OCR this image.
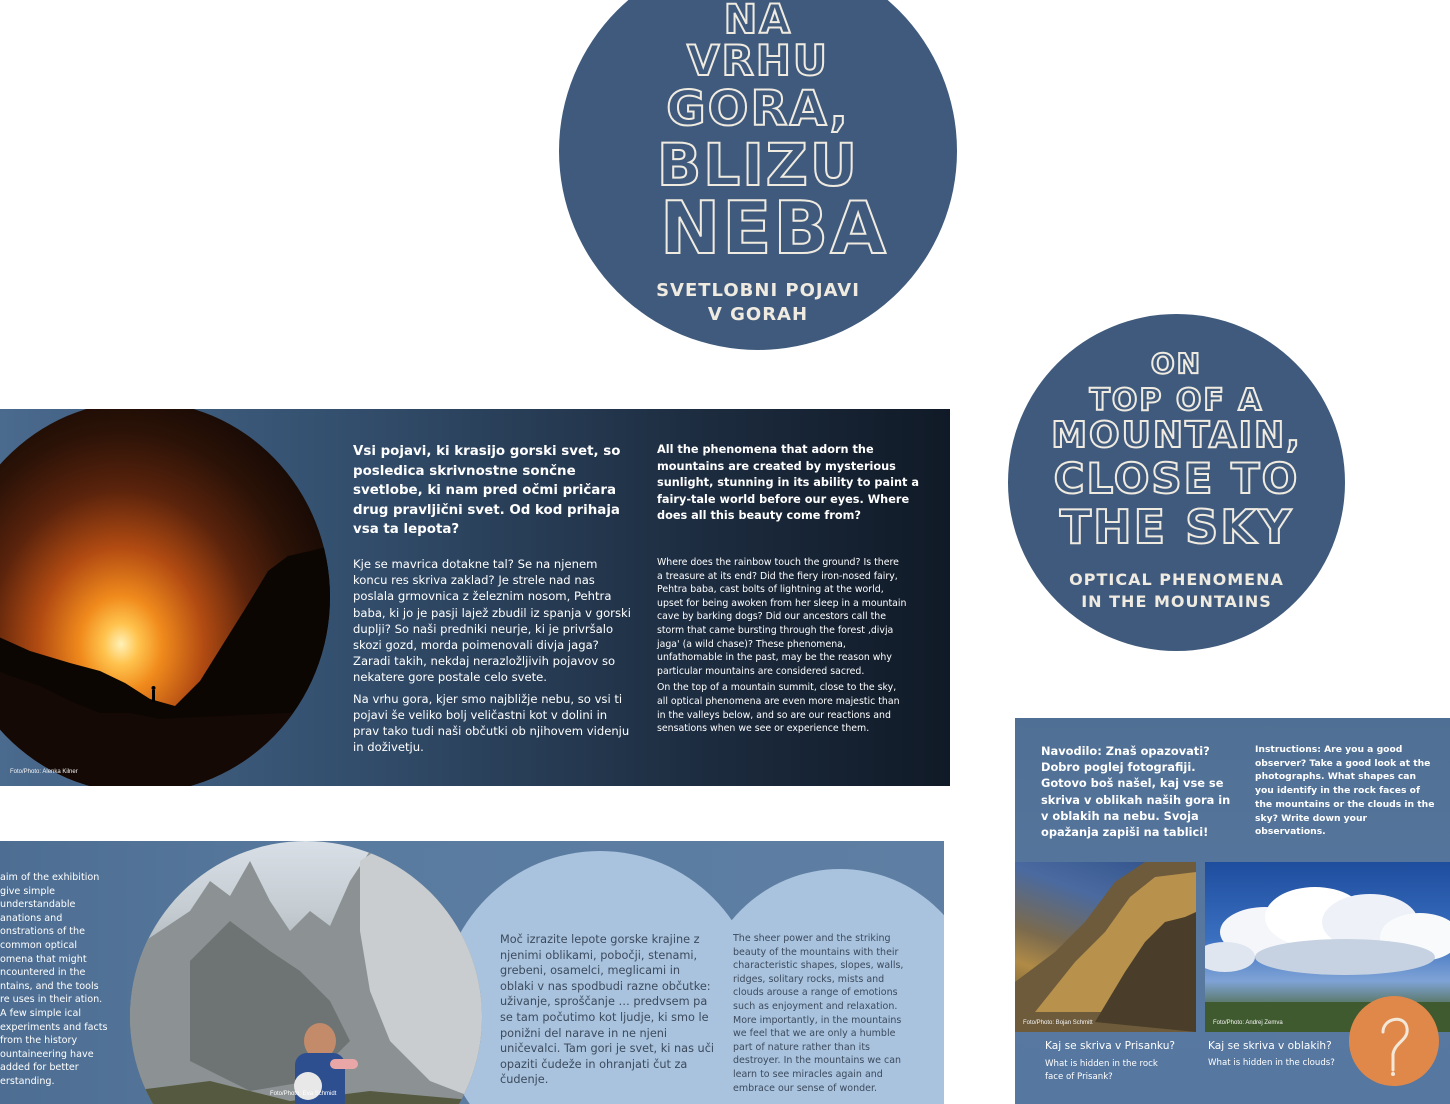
NA
VRHU
GORA,
BLIZU
NEBA
SVETLOBNI POJAVI
V GORAH
ON
TOP OF A
MOUNTAIN,
CLOSE TO
THE SKY
OPTICAL PHENOMENA
IN THE MOUNTAINS
Foto/Photo: Alenka Kilner
Vsi pojavi, ki krasijo gorski svet, so posledica skrivnostne sončne svetlobe, ki nam pred očmi pričara drug pravljični svet. Od kod prihaja vsa ta lepota?

Kje se mavrica dotakne tal? Se na njenem koncu res skriva zaklad? Je strele nad nas poslala grmovnica z železnim nosom, Pehtra baba, ki jo je pasji lajež zbudil iz spanja v gorski duplji? So naši predniki neurje, ki je privršalo skozi gozd, morda poimenovali divja jaga? Zaradi takih, nekdaj nerazložljivih pojavov so nekatere gore postale celo svete.

Na vrhu gora, kjer smo najbližje nebu, so vsi ti pojavi še veliko bolj veličastni kot v dolini in prav tako tudi naši občutki ob njihovem videnju in doživetju.

All the phenomena that adorn the mountains are created by mysterious sunlight, stunning in its ability to paint a fairy-tale world before our eyes. Where does all this beauty come from?

Where does the rainbow touch the ground? Is there a treasure at its end? Did the fiery iron-nosed fairy, Pehtra baba, cast bolts of lightning at the world, upset for being awoken from her sleep in a mountain cave by barking dogs? Did our ancestors call the storm that came bursting through the forest ‚divja jaga' (a wild chase)? These phenomena, unfathomable in the past, may be the reason why particular mountains are considered sacred.

On the top of a mountain summit, close to the sky, all optical phenomena are even more majestic than in the valleys below, and so are our reactions and sensations when we see or experience them.

Foto/Photo: Eva Schmidt
aim of the exhibition give simple understandable anations and onstrations of the common optical omena that might ncountered in the ntains, and the tools re uses in their ation. A few simple ical experiments and facts from the history ountaineering have added for better erstanding.
Moč izrazite lepote gorske krajine z njenimi oblikami, pobočji, stenami, grebeni, osamelci, meglicami in oblaki v nas spodbudi razne občutke: uživanje, sproščanje … predvsem pa se tam počutimo kot ljudje, ki smo le ponižni del narave in ne njeni uničevalci. Tam gori je svet, ki nas uči opaziti čudeže in ohranjati čut za čudenje.
The sheer power and the striking beauty of the mountains with their characteristic shapes, slopes, walls, ridges, solitary rocks, mists and clouds arouse a range of emotions such as enjoyment and relaxation. More importantly, in the mountains we feel that we are only a humble part of nature rather than its destroyer. In the mountains we can learn to see miracles again and embrace our sense of wonder.
Navodilo: Znaš opazovati? Dobro poglej fotografiji. Gotovo boš našel, kaj vse se skriva v oblikah naših gora in v oblakih na nebu. Svoja opažanja zapiši na tablici!
Instructions: Are you a good observer? Take a good look at the photographs. What shapes can you identify in the rock faces of the mountains or the clouds in the sky? Write down your observations.
Foto/Photo: Bojan Schmitt	Foto/Photo: Andrej Zemva
Kaj se skriva v Prisanku?
What is hidden in the rock face of Prisank?
Kaj se skriva v oblakih?
What is hidden in the clouds?
